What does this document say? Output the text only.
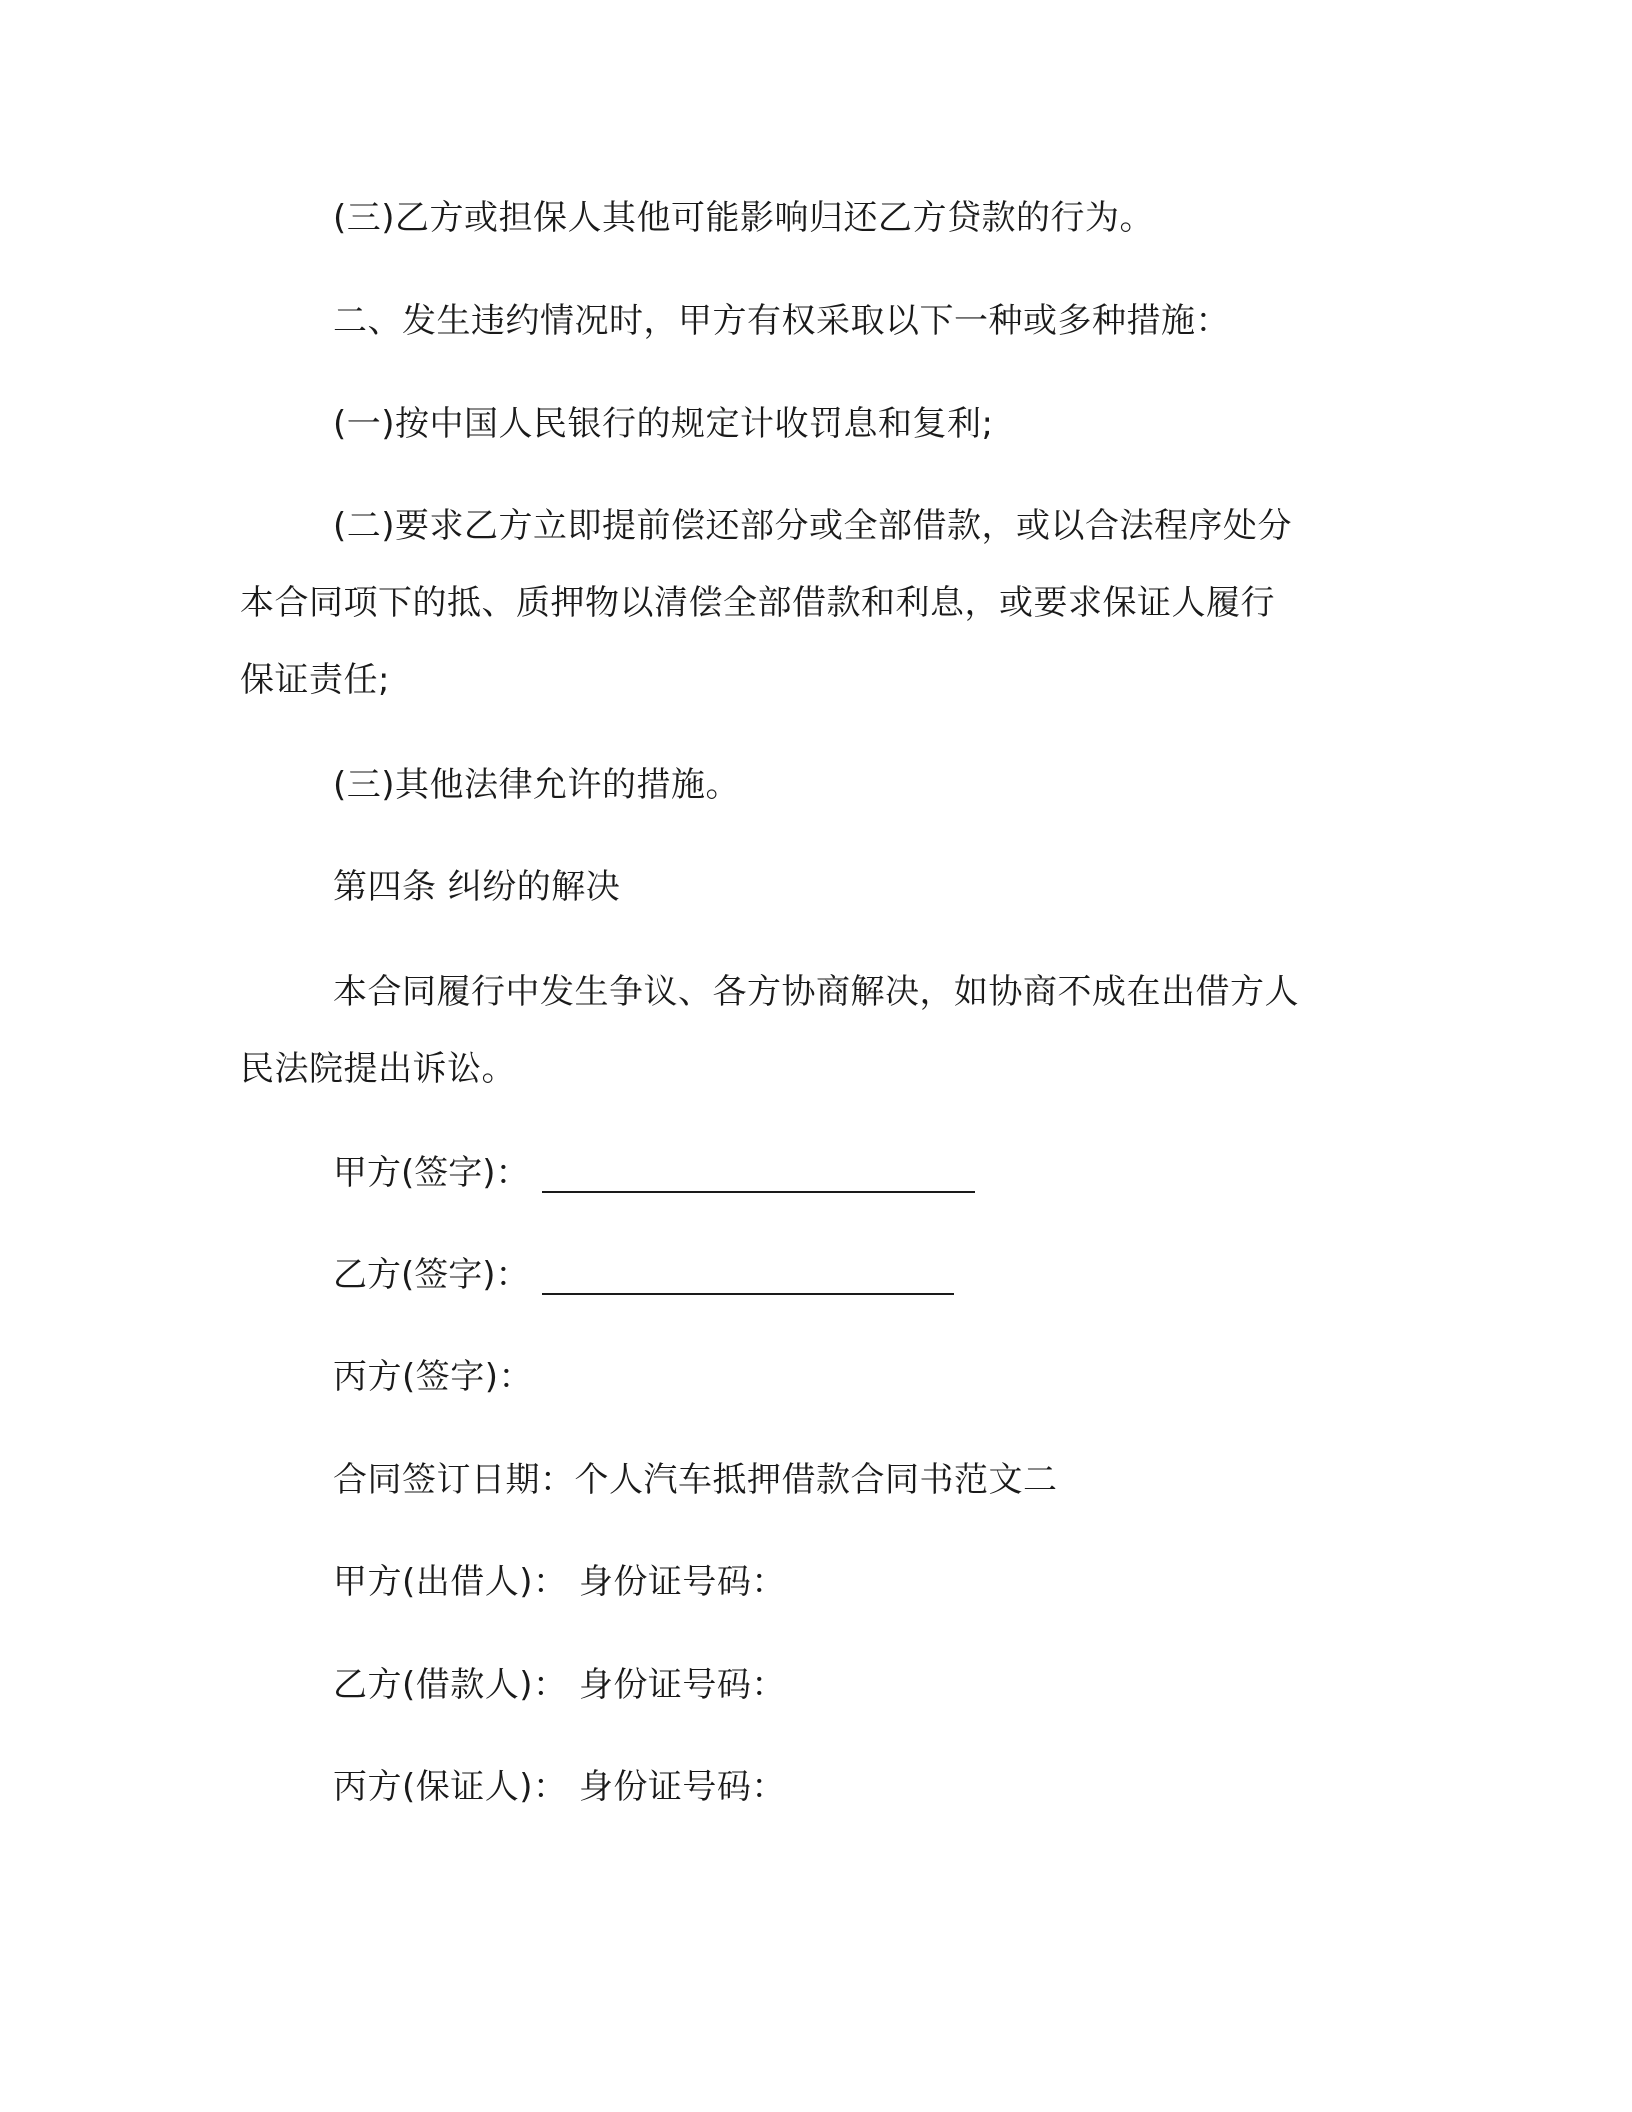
(三)乙方或担保人其他可能影响归还乙方贷款的行为。
二、发生违约情况时，甲方有权采取以下一种或多种措施：
(一)按中国人民银行的规定计收罚息和复利;
(二)要求乙方立即提前偿还部分或全部借款，或以合法程序处分
本合同项下的抵、质押物以清偿全部借款和利息，或要求保证人履行
保证责任;
(三)其他法律允许的措施。
第四条 纠纷的解决
本合同履行中发生争议、各方协商解决，如协商不成在出借方人
民法院提出诉讼。
甲方(签字)：
乙方(签字)：
丙方(签字)：
合同签订日期：个人汽车抵押借款合同书范文二
甲方(出借人)： 身份证号码：
乙方(借款人)： 身份证号码：
丙方(保证人)： 身份证号码：
